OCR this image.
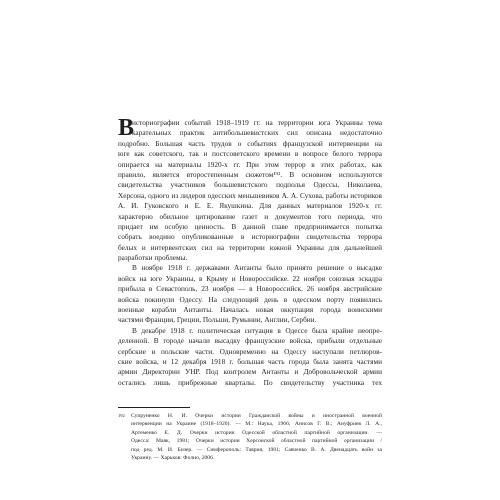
В
историографии событий 1918–1919 гг. на территории юга Украины тема
карательных практик антибольшевистских сил описана недостаточно
подробно. Большая часть трудов о событиях французской интервенции на
юге как советского, так и постсоветского времени в вопросе белого террора
опирается на материалы 1920-х гг. При этом террор в этих работах, как
правило, является второстепенным сюжетом¹⁹². В основном используются
свидетельства участников большевистского подполья Одессы, Николаева,
Херсона, одного из лидеров одесских меньшевиков А. А. Сухова, работы историков
А. И. Гуковского и Е. Е. Якушкина. Для данных материалов 1920-х гг.
характерно обильное цитирование газет и документов того периода, что
придает им особую ценность. В данной главе предпринимается попытка
собрать воедино опубликованные в историографии свидетельства террора
белых и интервентских сил на территории южной Украины для дальнейшей
разработки проблемы.
В ноябре 1918 г. державами Антанты было принято решение о высадке
войск на юге Украины, в Крыму и Новороссийске. 22 ноября союзная эскадра
прибыла в Севастополь, 23 ноября — в Новороссийск. 26 ноября австрийские
войска покинули Одессу. На следующий день в одесском порту появились
военные корабли Антанты. Началась новая оккупация города воинскими
частями Франции, Греции, Польши, Румынии, Англии, Сербии.
В декабре 1918 г. политическая ситуация в Одессе была крайне неопре-
деленной. В городе начали высадку французские войска, прибыли отдельные
сербские и польские части. Одновременно на Одессу наступали петлюров-
ские войска, и 12 декабря 1918 г. большая часть города была занята частями
армии Директории УНР. Под контролем Антанты и Добровольческой армии
остались лишь прибрежные кварталы. По свидетельству участника тех
192	Супруненко Н. И. Очерки истории Гражданской войны и иностранной военной
интервенции на Украине (1918–1920). — М.: Наука, 1966; Анисов Г. В.; Ануфриев Л. А.,
Артеменко Е. Д. Очерки истории Одесской областной партийной организации. —
Одесса: Маяк, 1981; Очерки истории Херсонской областной партийной организации /
под ред. М. И. Бизер. — Симферополь: Таврия, 1981; Савченко В. А. Двенадцать войн за
Украину. — Харьков: Фолио, 2006.
